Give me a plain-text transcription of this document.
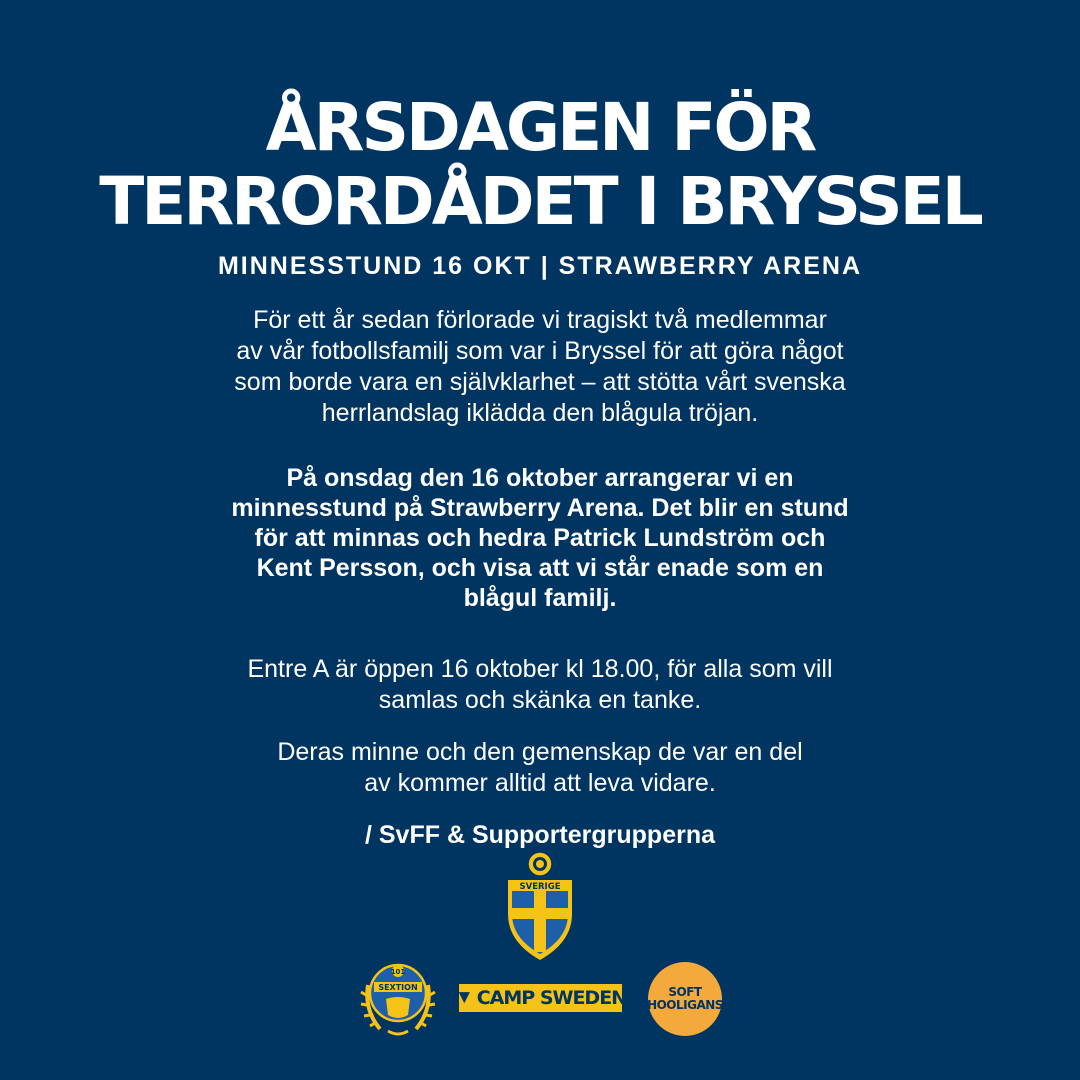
ÅRSDAGEN FÖR
TERRORDÅDET I BRYSSEL
MINNESSTUND 16 OKT | STRAWBERRY ARENA
För ett år sedan förlorade vi tragiskt två medlemmar
av vår fotbollsfamilj som var i Bryssel för att göra något
som borde vara en självklarhet – att stötta vårt svenska
herrlandslag iklädda den blågula tröjan.
På onsdag den 16 oktober arrangerar vi en
minnesstund på Strawberry Arena. Det blir en stund
för att minnas och hedra Patrick Lundström och
Kent Persson, och visa att vi står enade som en
blågul familj.
Entre A är öppen 16 oktober kl 18.00, för alla som vill
samlas och skänka en tanke.
Deras minne och den gemenskap de var en del
av kommer alltid att leva vidare.
/ SvFF & Supportergrupperna
SVERIGE
101
SEXTION ▼ CAMP SWEDEN	SOFT
HOOLIGANS
